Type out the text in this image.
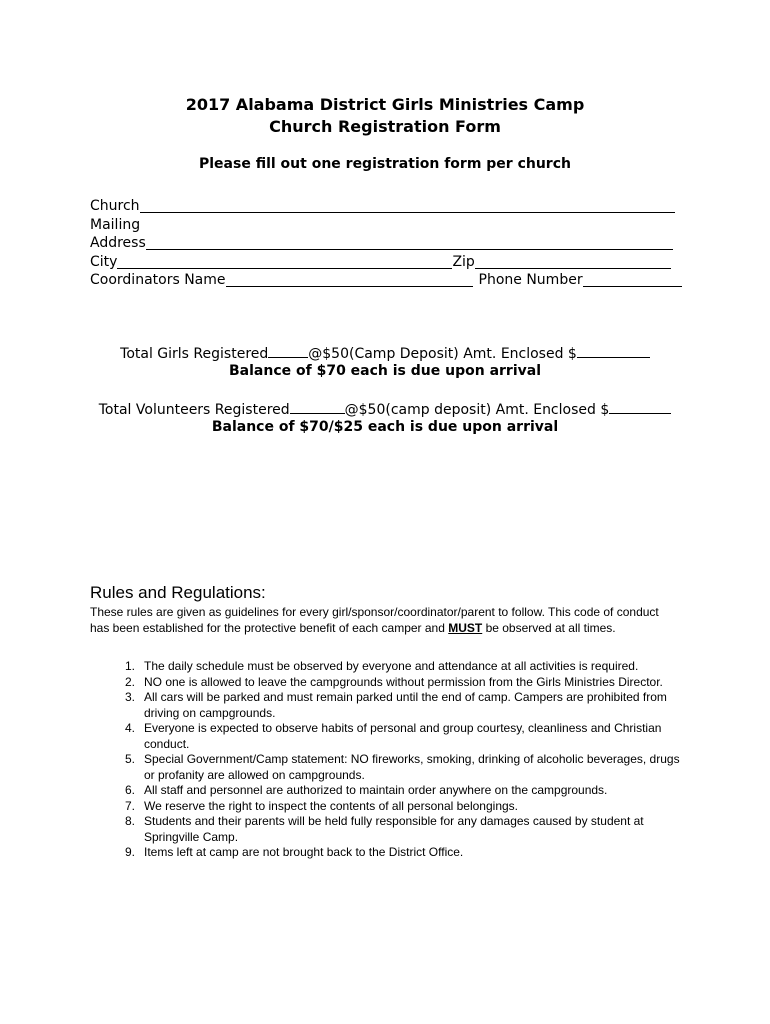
2017 Alabama District Girls Ministries Camp
Church Registration Form
Please fill out one registration form per church
Church
Mailing
Address
City	Zip
Coordinators Name	Phone Number
Total Girls Registered	@$50(Camp Deposit) Amt. Enclosed $
Balance of $70 each is due upon arrival
Total Volunteers Registered	@$50(camp deposit) Amt. Enclosed $
Balance of $70/$25 each is due upon arrival
Rules and Regulations:
These rules are given as guidelines for every girl/sponsor/coordinator/parent to follow. This code of conduct has been established for the protective benefit of each camper and MUST be observed at all times.
1. The daily schedule must be observed by everyone and attendance at all activities is required.
2. NO one is allowed to leave the campgrounds without permission from the Girls Ministries Director.
3. All cars will be parked and must remain parked until the end of camp. Campers are prohibited from driving on campgrounds.
4. Everyone is expected to observe habits of personal and group courtesy, cleanliness and Christian conduct.
5. Special Government/Camp statement: NO fireworks, smoking, drinking of alcoholic beverages, drugs or profanity are allowed on campgrounds.
6. All staff and personnel are authorized to maintain order anywhere on the campgrounds.
7. We reserve the right to inspect the contents of all personal belongings.
8. Students and their parents will be held fully responsible for any damages caused by student at Springville Camp.
9. Items left at camp are not brought back to the District Office.
